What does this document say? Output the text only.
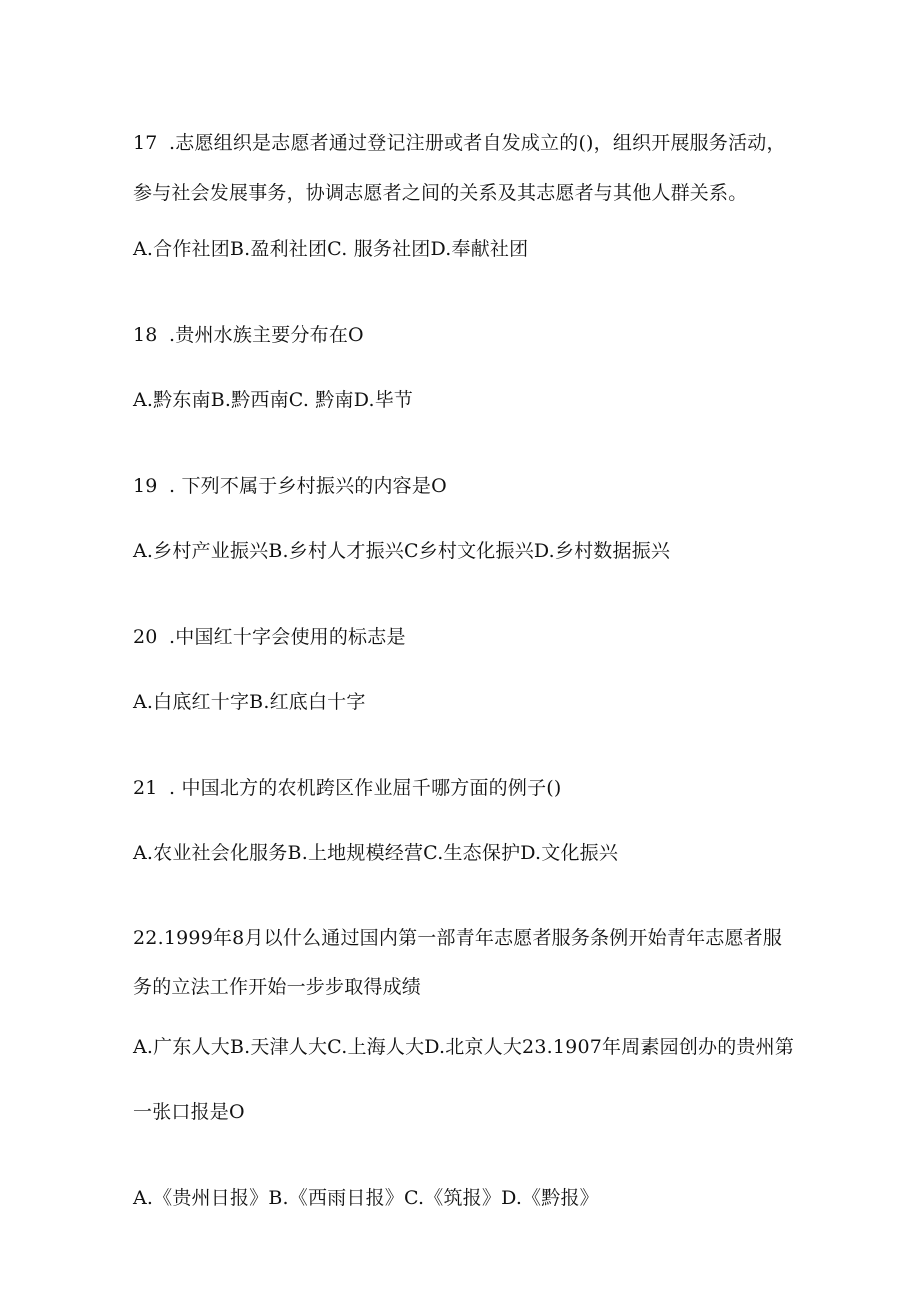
17 .志愿组织是志愿者通过登记注册或者自发成立的()，组织开展服务活动，
参与社会发展事务，协调志愿者之间的关系及其志愿者与其他人群关系。
A.合作社团B.盈利社团C. 服务社团D.奉献社团
18 .贵州水族主要分布在O
A.黔东南B.黔西南C. 黔南D.毕节
19 . 下列不属于乡村振兴的内容是O
A.乡村产业振兴B.乡村人才振兴C乡村文化振兴D.乡村数据振兴
20 .中国红十字会使用的标志是
A.白底红十字B.红底白十字
21 . 中国北方的农机跨区作业屈千哪方面的例子()
A.农业社会化服务B.上地规模经营C.生态保护D.文化振兴
22.1999年8月以什么通过国内第一部青年志愿者服务条例开始青年志愿者服
务的立法工作开始一步步取得成绩
A.广东人大B.天津人大C.上海人大D.北京人大23.1907年周素园创办的贵州第
一张口报是O
A.《贵州日报》B.《西雨日报》C.《筑报》D.《黔报》
